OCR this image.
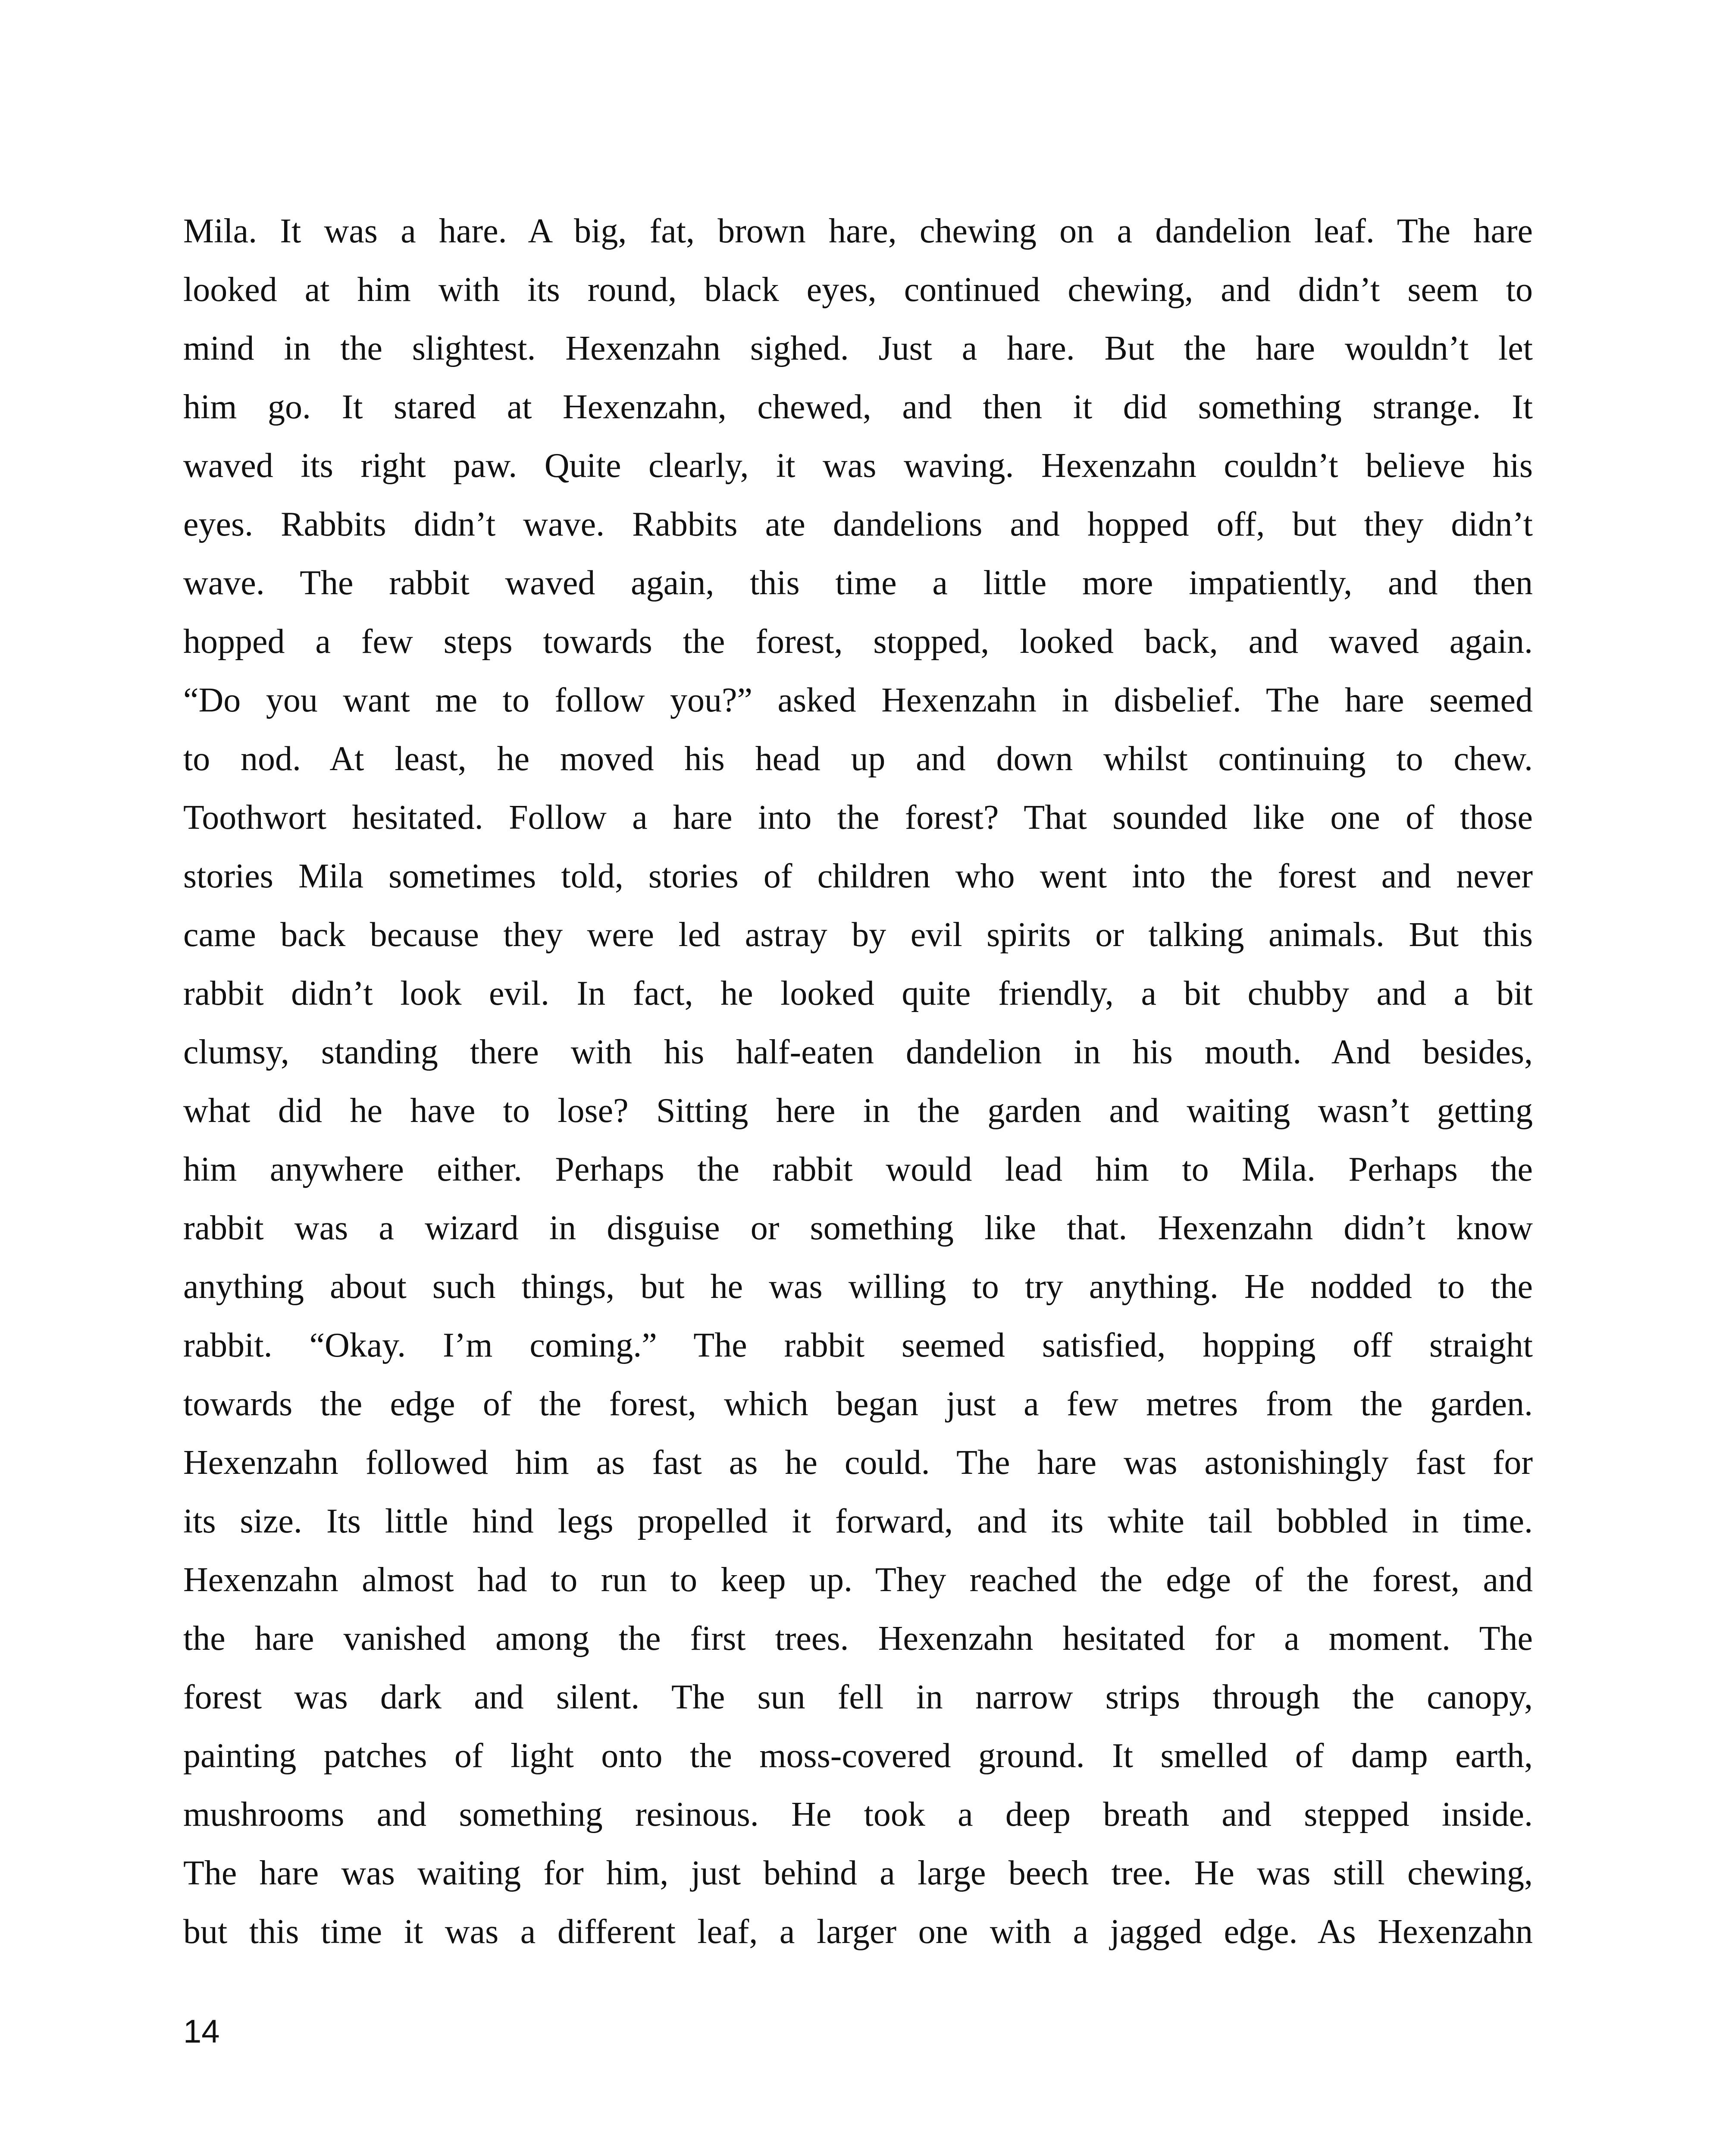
Mila. It was a hare. A big, fat, brown hare, chewing on a dandelion leaf. The hare
looked at him with its round, black eyes, continued chewing, and didn’t seem to
mind in the slightest. Hexenzahn sighed. Just a hare. But the hare wouldn’t let
him go. It stared at Hexenzahn, chewed, and then it did something strange. It
waved its right paw. Quite clearly, it was waving. Hexenzahn couldn’t believe his
eyes. Rabbits didn’t wave. Rabbits ate dandelions and hopped off, but they didn’t
wave. The rabbit waved again, this time a little more impatiently, and then
hopped a few steps towards the forest, stopped, looked back, and waved again.
“Do you want me to follow you?” asked Hexenzahn in disbelief. The hare seemed
to nod. At least, he moved his head up and down whilst continuing to chew.
Toothwort hesitated. Follow a hare into the forest? That sounded like one of those
stories Mila sometimes told, stories of children who went into the forest and never
came back because they were led astray by evil spirits or talking animals. But this
rabbit didn’t look evil. In fact, he looked quite friendly, a bit chubby and a bit
clumsy, standing there with his half-eaten dandelion in his mouth. And besides,
what did he have to lose? Sitting here in the garden and waiting wasn’t getting
him anywhere either. Perhaps the rabbit would lead him to Mila. Perhaps the
rabbit was a wizard in disguise or something like that. Hexenzahn didn’t know
anything about such things, but he was willing to try anything. He nodded to the
rabbit. “Okay. I’m coming.” The rabbit seemed satisfied, hopping off straight
towards the edge of the forest, which began just a few metres from the garden.
Hexenzahn followed him as fast as he could. The hare was astonishingly fast for
its size. Its little hind legs propelled it forward, and its white tail bobbled in time.
Hexenzahn almost had to run to keep up. They reached the edge of the forest, and
the hare vanished among the first trees. Hexenzahn hesitated for a moment. The
forest was dark and silent. The sun fell in narrow strips through the canopy,
painting patches of light onto the moss-covered ground. It smelled of damp earth,
mushrooms and something resinous. He took a deep breath and stepped inside.
The hare was waiting for him, just behind a large beech tree. He was still chewing,
but this time it was a different leaf, a larger one with a jagged edge. As Hexenzahn
14
